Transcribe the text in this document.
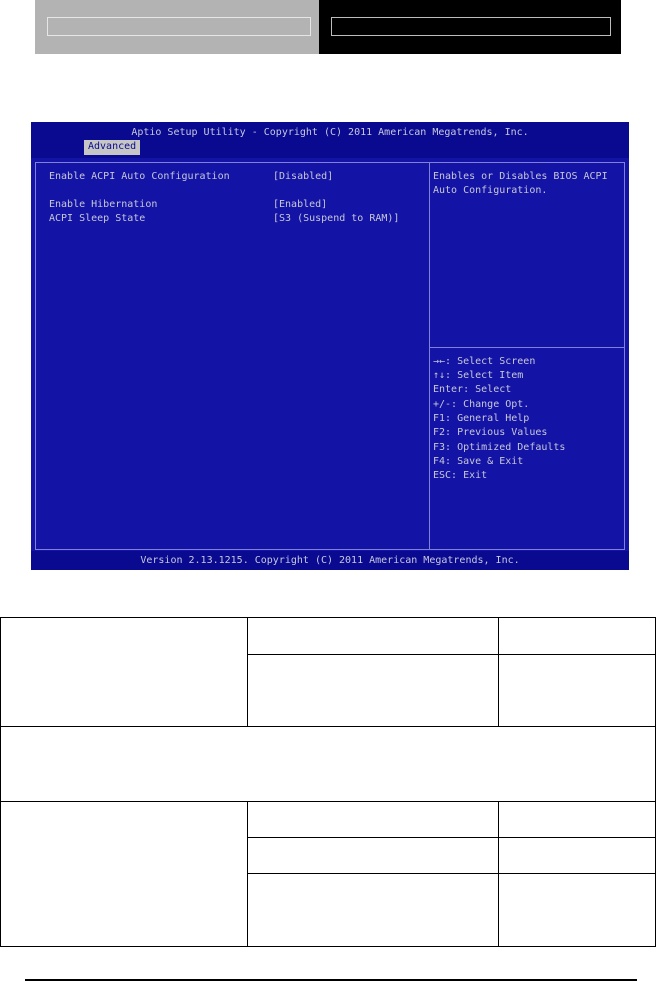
Aptio Setup Utility - Copyright (C) 2011 American Megatrends, Inc.
Advanced
Enable ACPI Auto Configuration	[Disabled]
Enable Hibernation	[Enabled]
ACPI Sleep State	[S3 (Suspend to RAM)]
Enables or Disables BIOS ACPI
Auto Configuration.
→←: Select Screen
↑↓: Select Item
Enter: Select
+/-: Change Opt.
F1: General Help
F2: Previous Values
F3: Optimized Defaults
F4: Save & Exit
ESC: Exit
Version 2.13.1215. Copyright (C) 2011 American Megatrends, Inc.
